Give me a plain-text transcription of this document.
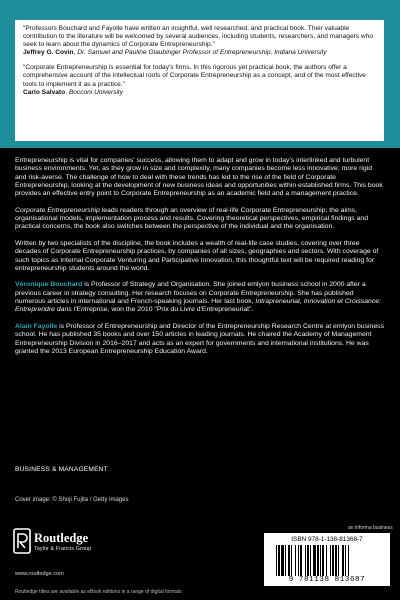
"Professors Bouchard and Fayolle have written an insightful, well researched, and practical book. Their valuable contribution to the literature will be welcomed by several audiences, including students, researchers, and managers who seek to learn about the dynamics of Corporate Entrepreneurship."

Jeffrey G. Covin, Dr. Samuel and Pauline Glaubinger Professor of Entrepreneurship, Indiana University

"Corporate Entrepreneurship is essential for today's firms. In this rigorous yet practical book, the authors offer a comprehensive account of the intellectual roots of Corporate Entrepreneurship as a concept, and of the most effective tools to implement it as a practice."

Carlo Salvato, Bocconi University

Entrepreneurship is vital for companies' success, allowing them to adapt and grow in today's interlinked and turbulent business environments. Yet, as they grow in size and complexity, many companies become less innovative, more rigid and risk-averse. The challenge of how to deal with these trends has led to the rise of the field of Corporate Entrepreneurship, looking at the development of new business ideas and opportunities within established firms. This book provides an effective entry point to Corporate Entrepreneurship as an academic field and a management practice.

Corporate Entrepreneurship leads readers through an overview of real-life Corporate Entrepreneurship; the aims, organisational models, implementation process and results. Covering theoretical perspectives, empirical findings and practical concerns, the book also switches between the perspective of the individual and the organisation.

Written by two specialists of the discipline, the book includes a wealth of real-life case studies, covering over three decades of Corporate Entrepreneurship practices, by companies of all sizes, geographies and sectors. With coverage of such topics as Internal Corporate Venturing and Participative Innovation, this thoughtful text will be required reading for entrepreneurship students around the world.

Véronique Bouchard is Professor of Strategy and Organisation. She joined emlyon business school in 2000 after a previous career in strategy consulting. Her research focuses on Corporate Entrepreneurship. She has published numerous articles in international and French-speaking journals. Her last book, Intrapreneuriat, Innovation et Croissance: Entreprendre dans l'Entreprise, won the 2010 "Prix du Livre d'Entrepreneuriat".

Alain Fayolle is Professor of Entrepreneurship and Director of the Entrepreneurship Research Centre at emlyon business school. He has published 35 books and over 150 articles in leading journals. He chaired the Academy of Management Entrepreneurship Division in 2016–2017 and acts as an expert for governments and international institutions. He was granted the 2013 European Entrepreneurship Education Award.

BUSINESS & MANAGEMENT
Cover image: © Shoji Fujita / Getty images
Routledge
Taylor & Francis Group
www.routledge.com
Routledge titles are available as eBook editions in a range of digital formats
an informa business
ISBN 978-1-138-81368-7
9 781138 813687
